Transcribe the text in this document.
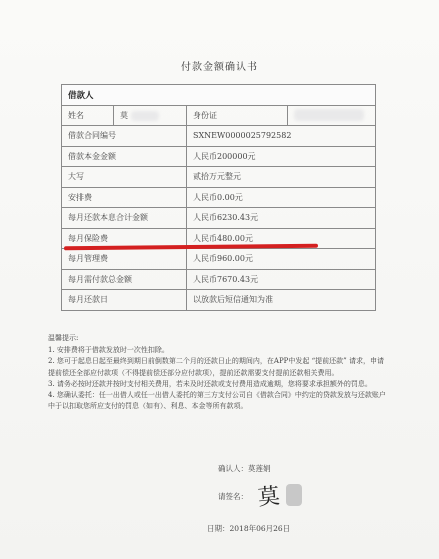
付款金额确认书
借款人			
姓名	莫	身份证	
借款合同编号		SXNEW0000025792582	
借款本金金额		人民币200000元	
大写		贰拾万元整元	
安排费		人民币0.00元	
每月还款本息合计金额		人民币6230.43元	
每月保险费		人民币480.00元	
每月管理费		人民币960.00元	
每月需付款总金额		人民币7670.43元	
每月还款日		以放款后短信通知为准	

温馨提示:

1. 安排费将于借款发放时一次性扣除。

2. 您可于起息日起至最终到期日前倒数第二个月的还款日止的期间内，在APP中发起 “提前还款” 请求，申请提前偿还全部应付款项（不得提前偿还部分应付款项），提前还款需要支付提前还款相关费用。

3. 请务必按时还款并按时支付相关费用，若未及时还款或支付费用造成逾期，您将要求承担额外的罚息。

4. 您确认委托：任一出借人或任一出借人委托的第三方支付公司自《借款合同》中约定的贷款发放与还款账户中于以扣取您所应支付的罚息（如有）、利息、本金等所有款项。

确认人：莫莲娟
请签名： 莫
日期：2018年06月26日
